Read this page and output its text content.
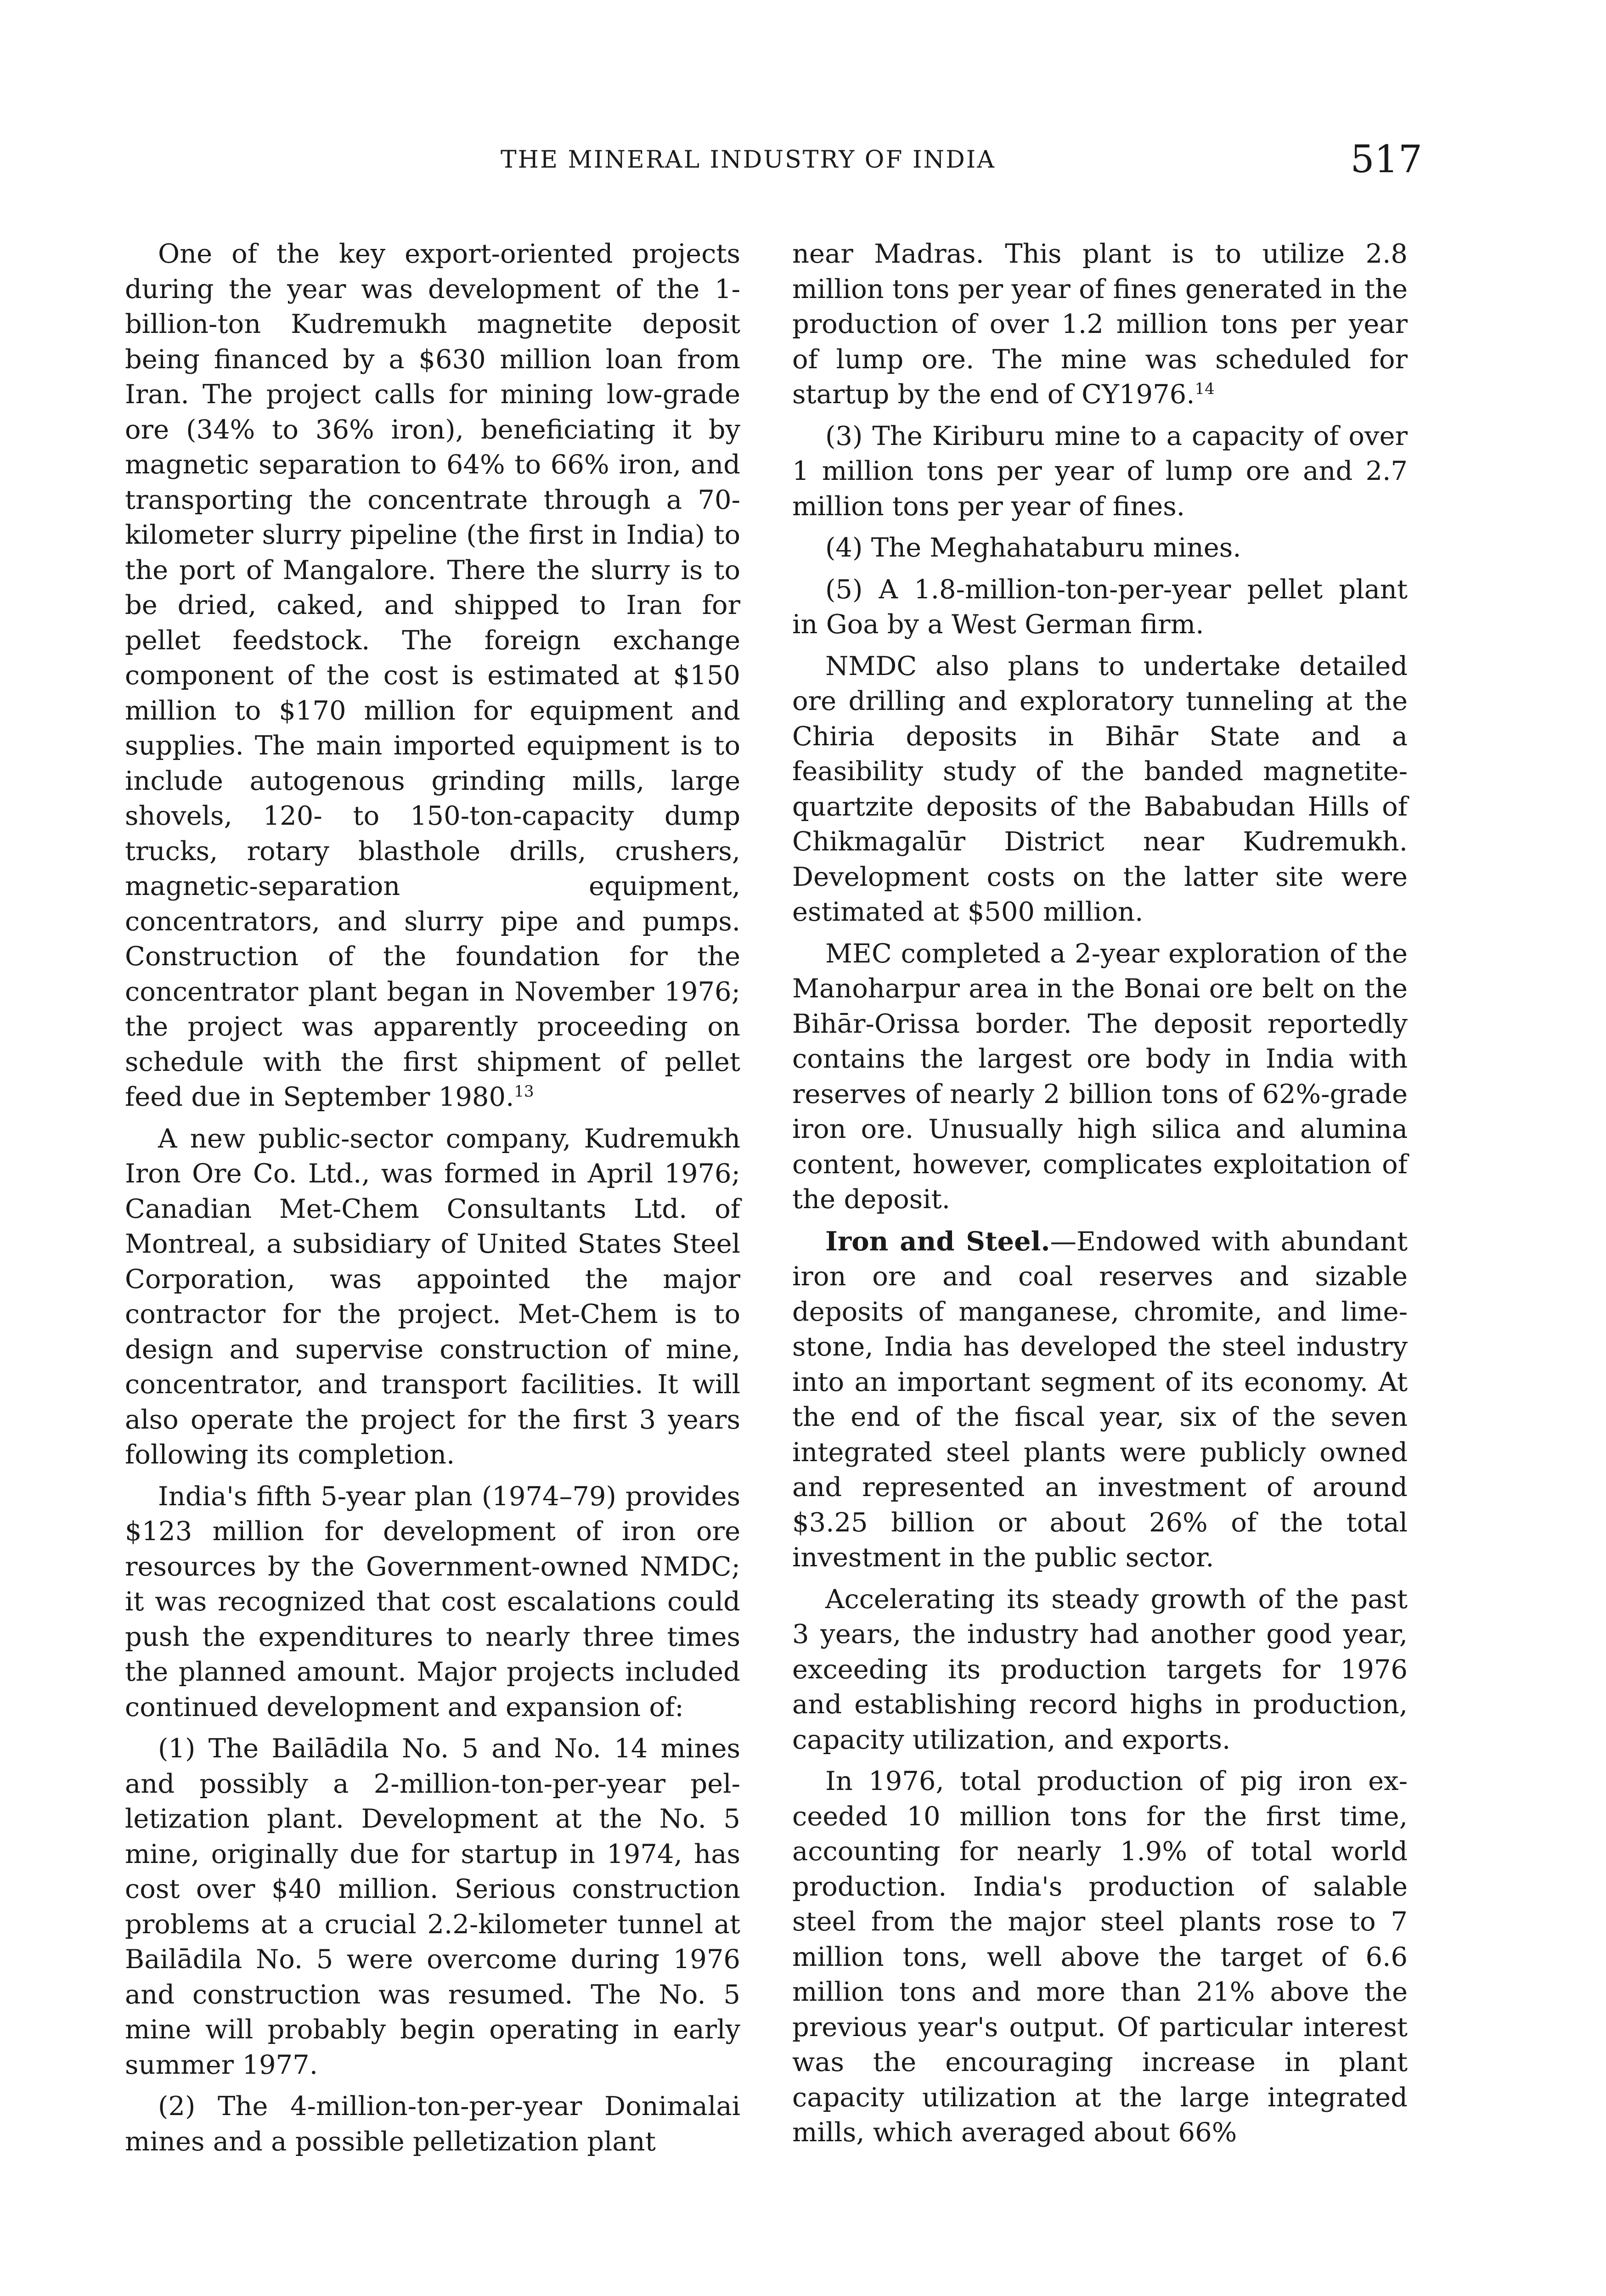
THE MINERAL INDUSTRY OF INDIA	517

One of the key export-oriented projects during the year was development of the 1-billion-ton Kudremukh magnetite deposit being financed by a $630 million loan from Iran. The project calls for mining low-grade ore (34% to 36% iron), beneficiating it by magnetic separation to 64% to 66% iron, and transporting the concentrate through a 70-kilometer slurry pipeline (the first in India) to the port of Mangalore. There the slurry is to be dried, caked, and shipped to Iran for pellet feedstock. The foreign exchange component of the cost is estimated at $150 million to $170 million for equipment and supplies. The main imported equipment is to include autogenous grinding mills, large shovels, 120- to 150-ton-capacity dump trucks, rotary blasthole drills, crushers, magnetic-separation equipment, concentrators, and slurry pipe and pumps. Construction of the foundation for the concentrator plant began in November 1976; the project was apparently proceeding on schedule with the first shipment of pellet feed due in September 1980.13

A new public-sector company, Kudremukh Iron Ore Co. Ltd., was formed in April 1976; Canadian Met-Chem Consultants Ltd. of Montreal, a subsidiary of United States Steel Corporation, was appointed the major contractor for the project. Met-Chem is to design and supervise construction of mine, concentrator, and transport facilities. It will also operate the project for the first 3 years following its completion.

India's fifth 5-year plan (1974–79) provides $123 million for development of iron ore resources by the Government-owned NMDC; it was recognized that cost escalations could push the expenditures to nearly three times the planned amount. Major projects included continued development and expansion of:

(1) The Bailādila No. 5 and No. 14 mines and possibly a 2-million-ton-per-year pelletization plant. Development at the No. 5 mine, originally due for startup in 1974, has cost over $40 million. Serious construction problems at a crucial 2.2-kilometer tunnel at Bailādila No. 5 were overcome during 1976 and construction was resumed. The No. 5 mine will probably begin operating in early summer 1977.

(2) The 4-million-ton-per-year Donimalai mines and a possible pelletization plant

near Madras. This plant is to utilize 2.8 million tons per year of fines generated in the production of over 1.2 million tons per year of lump ore. The mine was scheduled for startup by the end of CY1976.14

(3) The Kiriburu mine to a capacity of over 1 million tons per year of lump ore and 2.7 million tons per year of fines.

(4) The Meghahataburu mines.

(5) A 1.8-million-ton-per-year pellet plant in Goa by a West German firm.

NMDC also plans to undertake detailed ore drilling and exploratory tunneling at the Chiria deposits in Bihār State and a feasibility study of the banded magnetite-quartzite deposits of the Bababudan Hills of Chikmagalūr District near Kudremukh. Development costs on the latter site were estimated at $500 million.

MEC completed a 2-year exploration of the Manoharpur area in the Bonai ore belt on the Bihār-Orissa border. The deposit reportedly contains the largest ore body in India with reserves of nearly 2 billion tons of 62%-grade iron ore. Unusually high silica and alumina content, however, complicates exploitation of the deposit.

Iron and Steel.—Endowed with abundant iron ore and coal reserves and sizable deposits of manganese, chromite, and limestone, India has developed the steel industry into an important segment of its economy. At the end of the fiscal year, six of the seven integrated steel plants were publicly owned and represented an investment of around $3.25 billion or about 26% of the total investment in the public sector.

Accelerating its steady growth of the past 3 years, the industry had another good year, exceeding its production targets for 1976 and establishing record highs in production, capacity utilization, and exports.

In 1976, total production of pig iron exceeded 10 million tons for the first time, accounting for nearly 1.9% of total world production. India's production of salable steel from the major steel plants rose to 7 million tons, well above the target of 6.6 million tons and more than 21% above the previous year's output. Of particular interest was the encouraging increase in plant capacity utilization at the large integrated mills, which averaged about 66%
